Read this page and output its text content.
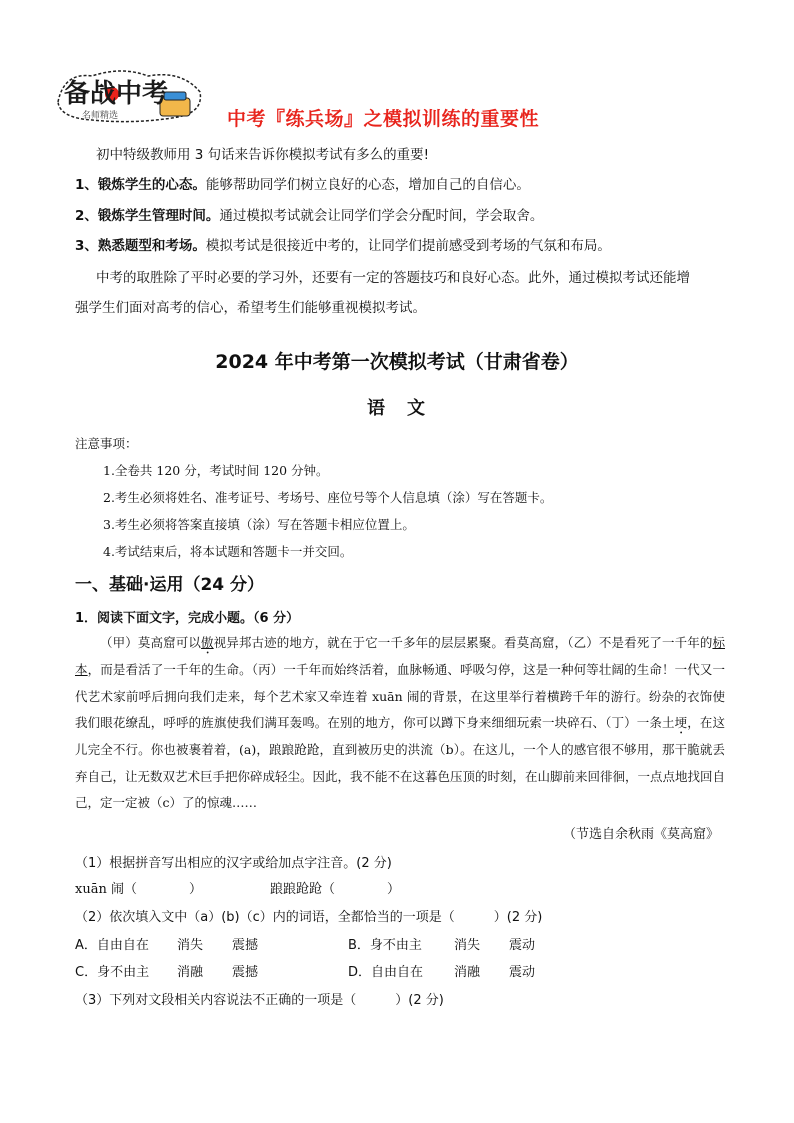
备战中考
名师精选	中考『练兵场』之模拟训练的重要性
初中特级教师用 3 句话来告诉你模拟考试有多么的重要!
1、锻炼学生的心态。能够帮助同学们树立良好的心态，增加自己的自信心。
2、锻炼学生管理时间。通过模拟考试就会让同学们学会分配时间，学会取舍。
3、熟悉题型和考场。模拟考试是很接近中考的，让同学们提前感受到考场的气氛和布局。
中考的取胜除了平时必要的学习外，还要有一定的答题技巧和良好心态。此外，通过模拟考试还能增
强学生们面对高考的信心，希望考生们能够重视模拟考试。
2024 年中考第一次模拟考试（甘肃省卷）
语文
注意事项：
1.全卷共 120 分，考试时间 120 分钟。
2.考生必须将姓名、准考证号、考场号、座位号等个人信息填（涂）写在答题卡。
3.考生必须将答案直接填（涂）写在答题卡相应位置上。
4.考试结束后，将本试题和答题卡一并交回。
一、基础·运用（24 分）
1．阅读下面文字，完成小题。（6 分）

（甲）莫高窟可以傲视异邦古迹的地方，就在于它一千多年的层层累聚。看莫高窟，（乙）不是看死了一千年的标本，而是看活了一千年的生命。（丙）一千年而始终活着，血脉畅通、呼吸匀停，这是一种何等壮阔的生命！一代又一代艺术家前呼后拥向我们走来，每个艺术家又牵连着 xuān 闹的背景，在这里举行着横跨千年的游行。纷杂的衣饰使我们眼花缭乱，呼呼的旌旗使我们满耳轰鸣。在别的地方，你可以蹲下身来细细玩索一块碎石、（丁）一条土埂，在这儿完全不行。你也被裹着着，(a)，踉踉跄跄，直到被历史的洪流（b）。在这儿，一个人的感官很不够用，那干脆就丢弃自己，让无数双艺术巨手把你碎成轻尘。因此，我不能不在这暮色压顶的时刻，在山脚前来回徘徊，一点点地找回自己，定一定被（c）了的惊魂……

（节选自余秋雨《莫高窟》
（1）根据拼音写出相应的汉字或给加点字注音。(2 分)
xuān 闹（　　　　）	踉踉跄跄（　　　　）
（2）依次填入文中（a）(b)（c）内的词语，全都恰当的一项是（　　　）(2 分)
A．自由自在 消失 震撼	B．身不由主 消失 震动
C．身不由主 消融 震撼	D．自由自在 消融 震动
（3）下列对文段相关内容说法不正确的一项是（　　　）(2 分)
